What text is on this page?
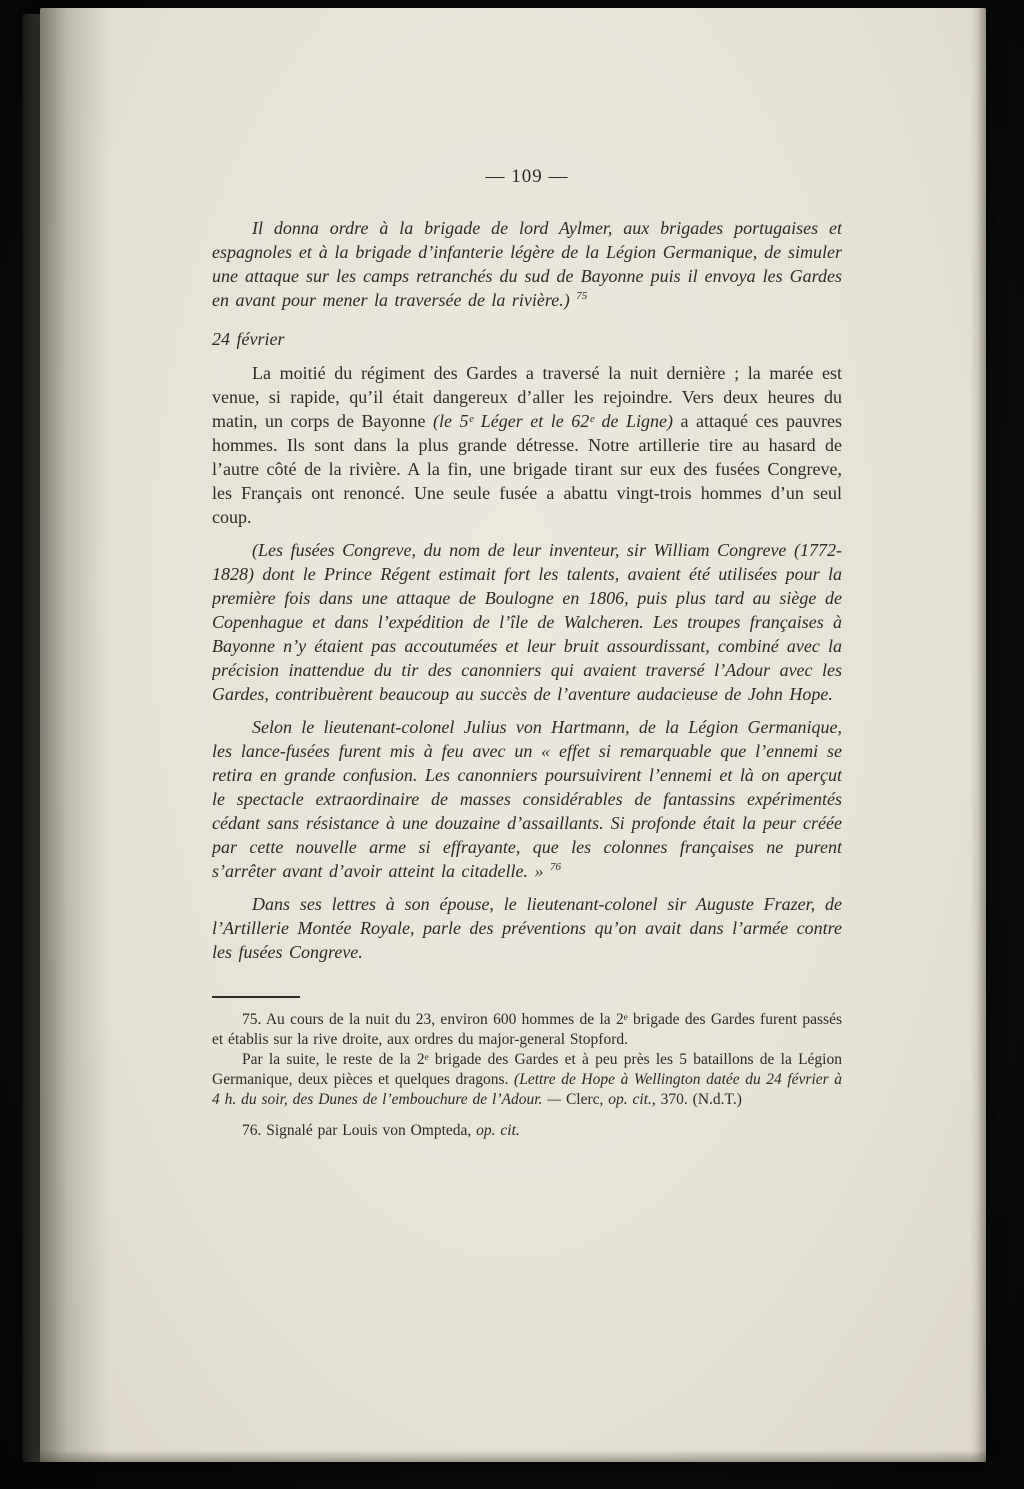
— 109 —

Il donna ordre à la brigade de lord Aylmer, aux brigades portugaises et espagnoles et à la brigade d’infanterie légère de la Légion Germanique, de simuler une attaque sur les camps retranchés du sud de Bayonne puis il envoya les Gardes en avant pour mener la traversée de la rivière.) $^{75}$

24 février

La moitié du régiment des Gardes a traversé la nuit dernière ; la marée est venue, si rapide, qu’il était dangereux d’aller les rejoindre. Vers deux heures du matin, un corps de Bayonne (le 5ᵉ Léger et le 62ᵉ de Ligne) a attaqué ces pauvres hommes. Ils sont dans la plus grande détresse. Notre artillerie tire au hasard de l’autre côté de la rivière. A la fin, une brigade tirant sur eux des fusées Congreve, les Français ont renoncé. Une seule fusée a abattu vingt-trois hommes d’un seul coup.

(Les fusées Congreve, du nom de leur inventeur, sir William Congreve (1772-1828) dont le Prince Régent estimait fort les talents, avaient été utilisées pour la première fois dans une attaque de Boulogne en 1806, puis plus tard au siège de Copenhague et dans l’expédition de l’île de Walcheren. Les troupes françaises à Bayonne n’y étaient pas accoutumées et leur bruit assourdissant, combiné avec la précision inattendue du tir des canonniers qui avaient traversé l’Adour avec les Gardes, contribuèrent beaucoup au succès de l’aventure audacieuse de John Hope.

Selon le lieutenant-colonel Julius von Hartmann, de la Légion Germanique, les lance-fusées furent mis à feu avec un « effet si remarquable que l’ennemi se retira en grande confusion. Les canonniers poursuivirent l’ennemi et là on aperçut le spectacle extraordinaire de masses considérables de fantassins expérimentés cédant sans résistance à une douzaine d’assaillants. Si profonde était la peur créée par cette nouvelle arme si effrayante, que les colonnes françaises ne purent s’arrêter avant d’avoir atteint la citadelle. » $^{76}$

Dans ses lettres à son épouse, le lieutenant-colonel sir Auguste Frazer, de l’Artillerie Montée Royale, parle des préventions qu’on avait dans l’armée contre les fusées Congreve.

75. Au cours de la nuit du 23, environ 600 hommes de la 2ᵉ brigade des Gardes furent passés et établis sur la rive droite, aux ordres du major-general Stopford.

Par la suite, le reste de la 2ᵉ brigade des Gardes et à peu près les 5 bataillons de la Légion Germanique, deux pièces et quelques dragons. (Lettre de Hope à Wellington datée du 24 février à 4 h. du soir, des Dunes de l’embouchure de l’Adour. — Clerc, op. cit., 370. (N.d.T.)

76. Signalé par Louis von Ompteda, op. cit.
